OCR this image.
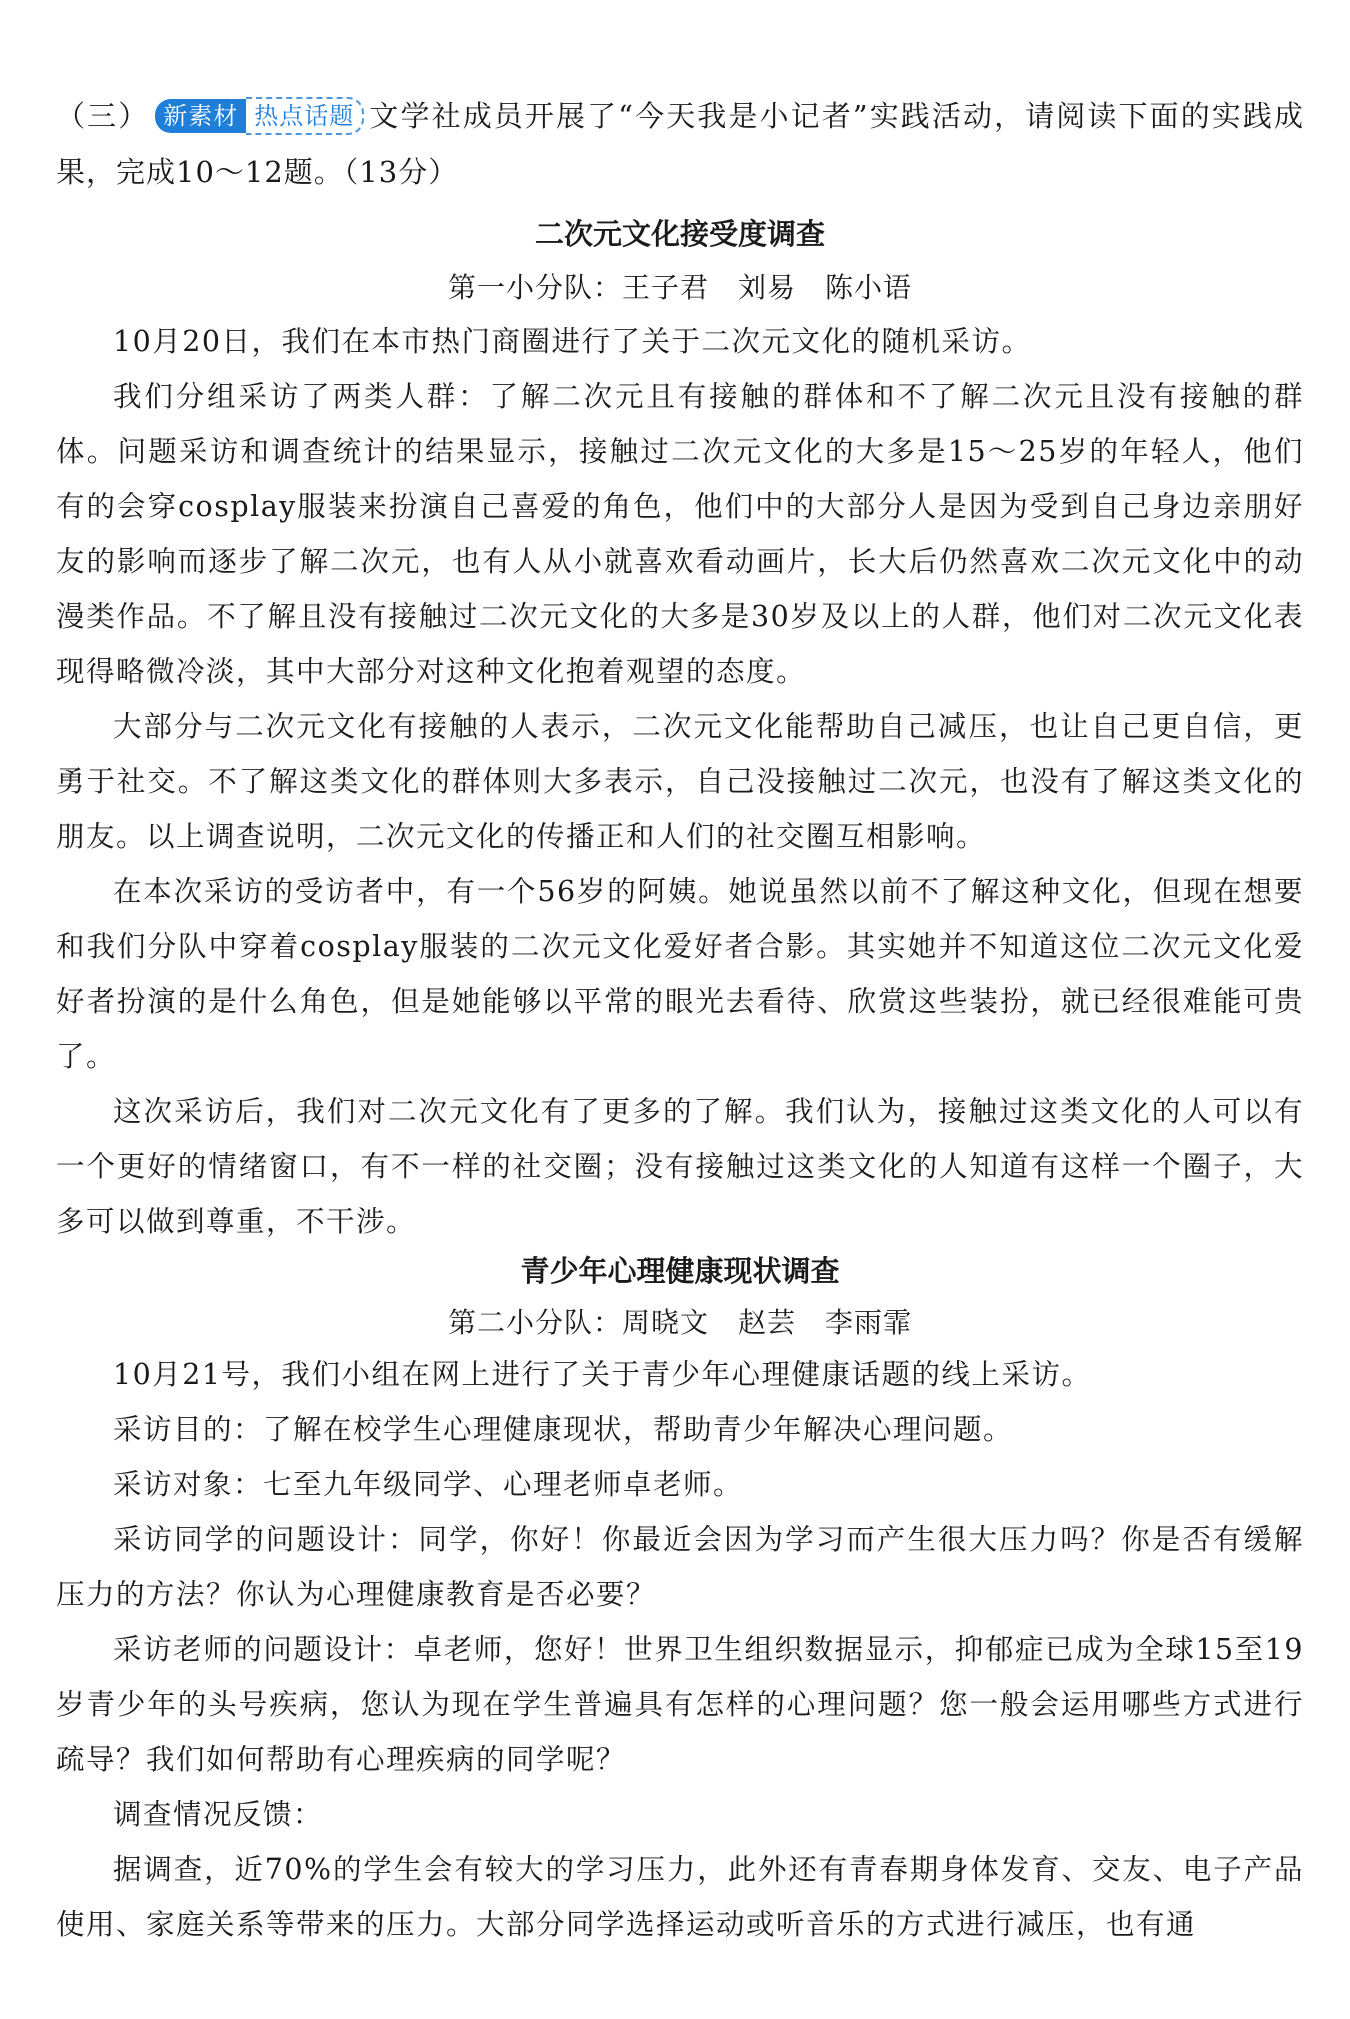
（三） 新素材 热点话题 文学社成员开展了“今天我是小记者”实践活动，请阅读下面的实践成果，完成10～12题。（13分）

二次元文化接受度调查

第一小分队：王子君　刘易　陈小语

10月20日，我们在本市热门商圈进行了关于二次元文化的随机采访。

我们分组采访了两类人群：了解二次元且有接触的群体和不了解二次元且没有接触的群体。问题采访和调查统计的结果显示，接触过二次元文化的大多是15～25岁的年轻人，他们有的会穿cosplay服装来扮演自己喜爱的角色，他们中的大部分人是因为受到自己身边亲朋好友的影响而逐步了解二次元，也有人从小就喜欢看动画片，长大后仍然喜欢二次元文化中的动漫类作品。不了解且没有接触过二次元文化的大多是30岁及以上的人群，他们对二次元文化表现得略微冷淡，其中大部分对这种文化抱着观望的态度。

大部分与二次元文化有接触的人表示，二次元文化能帮助自己减压，也让自己更自信，更勇于社交。不了解这类文化的群体则大多表示，自己没接触过二次元，也没有了解这类文化的朋友。以上调查说明，二次元文化的传播正和人们的社交圈互相影响。

在本次采访的受访者中，有一个56岁的阿姨。她说虽然以前不了解这种文化，但现在想要和我们分队中穿着cosplay服装的二次元文化爱好者合影。其实她并不知道这位二次元文化爱好者扮演的是什么角色，但是她能够以平常的眼光去看待、欣赏这些装扮，就已经很难能可贵了。

这次采访后，我们对二次元文化有了更多的了解。我们认为，接触过这类文化的人可以有一个更好的情绪窗口，有不一样的社交圈；没有接触过这类文化的人知道有这样一个圈子，大多可以做到尊重，不干涉。

青少年心理健康现状调查

第二小分队：周晓文　赵芸　李雨霏

10月21号，我们小组在网上进行了关于青少年心理健康话题的线上采访。

采访目的：了解在校学生心理健康现状，帮助青少年解决心理问题。

采访对象：七至九年级同学、心理老师卓老师。

采访同学的问题设计：同学，你好！你最近会因为学习而产生很大压力吗？你是否有缓解压力的方法？你认为心理健康教育是否必要？

采访老师的问题设计：卓老师，您好！世界卫生组织数据显示，抑郁症已成为全球15至19岁青少年的头号疾病，您认为现在学生普遍具有怎样的心理问题？您一般会运用哪些方式进行疏导？我们如何帮助有心理疾病的同学呢？

调查情况反馈：

据调查，近70%的学生会有较大的学习压力，此外还有青春期身体发育、交友、电子产品使用、家庭关系等带来的压力。大部分同学选择运动或听音乐的方式进行减压，也有通
